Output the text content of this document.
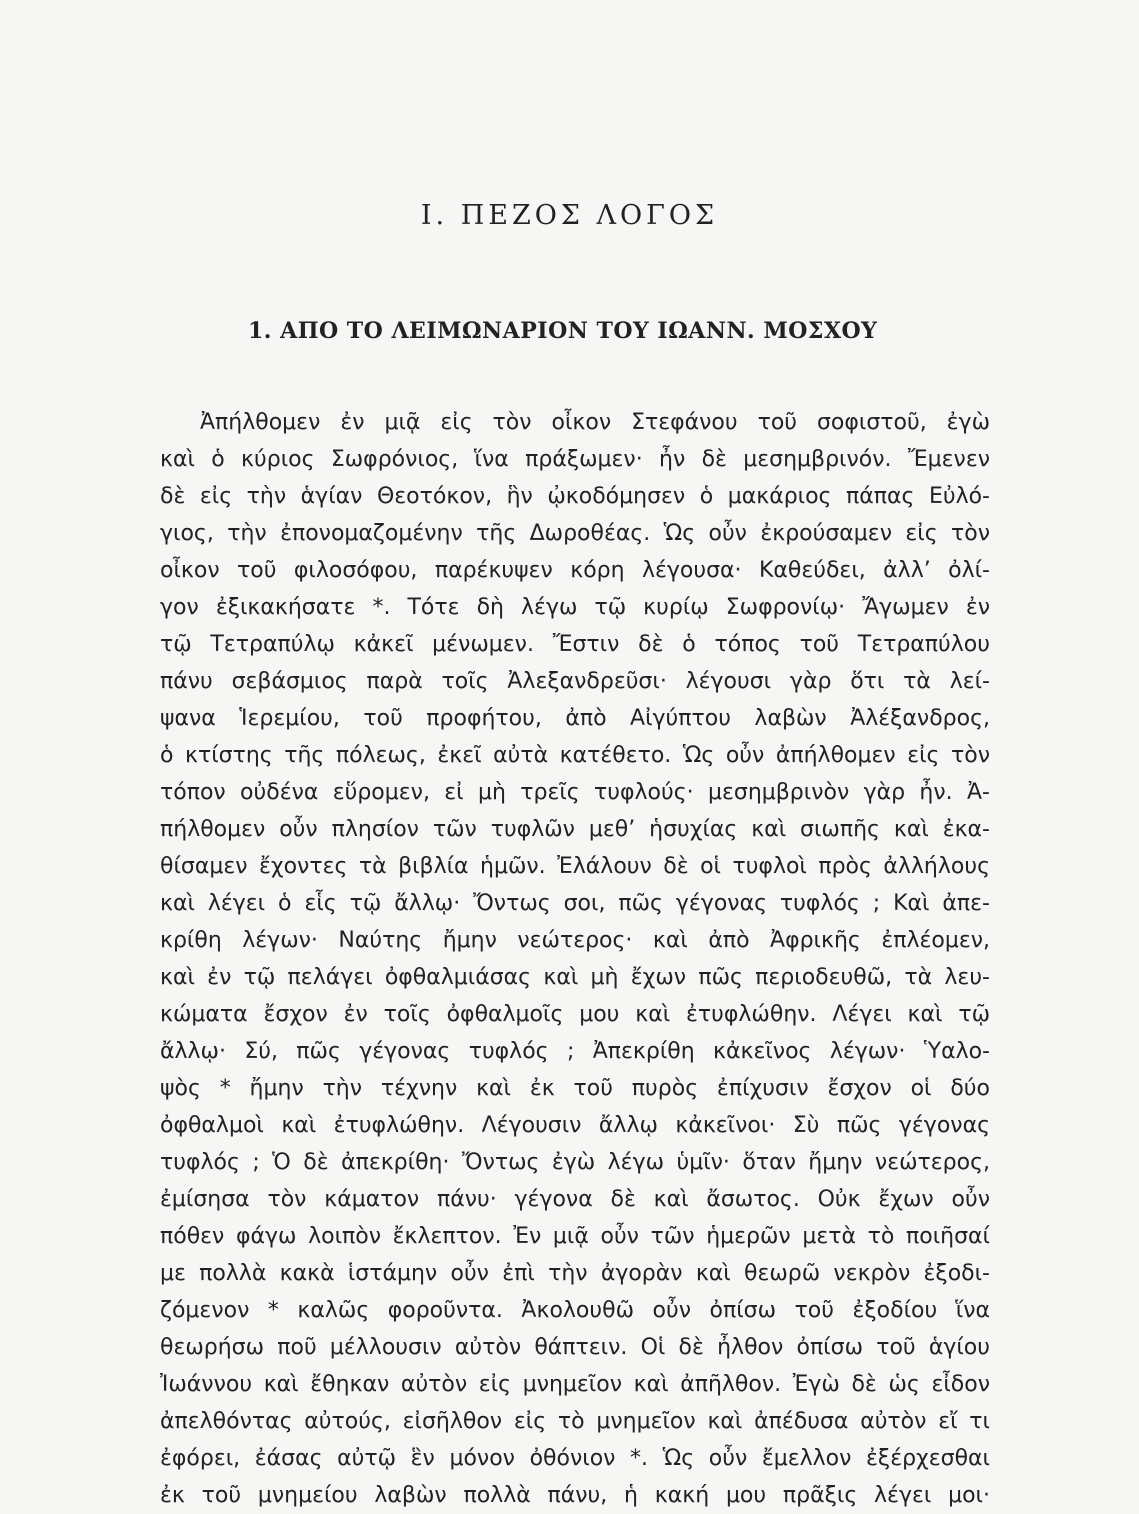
I. ΠΕΖΟΣ ΛΟΓΟΣ
1. ΑΠΟ ΤΟ ΛΕΙΜΩΝΑΡΙΟΝ ΤΟΥ ΙΩΑΝΝ. ΜΟΣΧΟΥ
Ἀπήλθομεν ἐν μιᾷ εἰς τὸν οἶκον Στεφάνου τοῦ σοφιστοῦ, ἐγὼ
καὶ ὁ κύριος Σωφρόνιος, ἵνα πράξωμεν· ἦν δὲ μεσημβρινόν. Ἔμενεν
δὲ εἰς τὴν ἁγίαν Θεοτόκον, ἣν ᾠκοδόμησεν ὁ μακάριος πάπας Εὐλό-
γιος, τὴν ἐπονομαζομένην τῆς Δωροθέας. Ὡς οὖν ἐκρούσαμεν εἰς τὸν
οἶκον τοῦ φιλοσόφου, παρέκυψεν κόρη λέγουσα· Καθεύδει, ἀλλ’ ὀλί-
γον ἐξικακήσατε *. Τότε δὴ λέγω τῷ κυρίῳ Σωφρονίῳ· Ἄγωμεν ἐν
τῷ Τετραπύλῳ κἀκεῖ μένωμεν. Ἔστιν δὲ ὁ τόπος τοῦ Τετραπύλου
πάνυ σεβάσμιος παρὰ τοῖς Ἀλεξανδρεῦσι· λέγουσι γὰρ ὅτι τὰ λεί-
ψανα Ἱερεμίου, τοῦ προφήτου, ἀπὸ Αἰγύπτου λαβὼν Ἀλέξανδρος,
ὁ κτίστης τῆς πόλεως, ἐκεῖ αὐτὰ κατέθετο. Ὡς οὖν ἀπήλθομεν εἰς τὸν
τόπον οὐδένα εὕρομεν, εἰ μὴ τρεῖς τυφλούς· μεσημβρινὸν γὰρ ἦν. Ἀ-
πήλθομεν οὖν πλησίον τῶν τυφλῶν μεθ’ ἡσυχίας καὶ σιωπῆς καὶ ἐκα-
θίσαμεν ἔχοντες τὰ βιβλία ἡμῶν. Ἐλάλουν δὲ οἱ τυφλοὶ πρὸς ἀλλήλους
καὶ λέγει ὁ εἷς τῷ ἄλλῳ· Ὄντως σοι, πῶς γέγονας τυφλός ; Καὶ ἀπε-
κρίθη λέγων· Ναύτης ἤμην νεώτερος· καὶ ἀπὸ Ἀφρικῆς ἐπλέομεν,
καὶ ἐν τῷ πελάγει ὀφθαλμιάσας καὶ μὴ ἔχων πῶς περιοδευθῶ, τὰ λευ-
κώματα ἔσχον ἐν τοῖς ὀφθαλμοῖς μου καὶ ἐτυφλώθην. Λέγει καὶ τῷ
ἄλλῳ· Σύ, πῶς γέγονας τυφλός ; Ἀπεκρίθη κἀκεῖνος λέγων· Ὑαλο-
ψὸς * ἤμην τὴν τέχνην καὶ ἐκ τοῦ πυρὸς ἐπίχυσιν ἔσχον οἱ δύο
ὀφθαλμοὶ καὶ ἐτυφλώθην. Λέγουσιν ἄλλῳ κἀκεῖνοι· Σὺ πῶς γέγονας
τυφλός ; Ὁ δὲ ἀπεκρίθη· Ὄντως ἐγὼ λέγω ὑμῖν· ὅταν ἤμην νεώτερος,
ἐμίσησα τὸν κάματον πάνυ· γέγονα δὲ καὶ ἄσωτος. Οὐκ ἔχων οὖν
πόθεν φάγω λοιπὸν ἔκλεπτον. Ἐν μιᾷ οὖν τῶν ἡμερῶν μετὰ τὸ ποιῆσαί
με πολλὰ κακὰ ἱστάμην οὖν ἐπὶ τὴν ἀγορὰν καὶ θεωρῶ νεκρὸν ἐξοδι-
ζόμενον * καλῶς φοροῦντα. Ἀκολουθῶ οὖν ὀπίσω τοῦ ἐξοδίου ἵνα
θεωρήσω ποῦ μέλλουσιν αὐτὸν θάπτειν. Οἱ δὲ ἦλθον ὀπίσω τοῦ ἁγίου
Ἰωάννου καὶ ἔθηκαν αὐτὸν εἰς μνημεῖον καὶ ἀπῆλθον. Ἐγὼ δὲ ὡς εἶδον
ἀπελθόντας αὐτούς, εἰσῆλθον εἰς τὸ μνημεῖον καὶ ἀπέδυσα αὐτὸν εἴ τι
ἐφόρει, ἐάσας αὐτῷ ἓν μόνον ὀθόνιον *. Ὡς οὖν ἔμελλον ἐξέρχεσθαι
ἐκ τοῦ μνημείου λαβὼν πολλὰ πάνυ, ἡ κακή μου πρᾶξις λέγει μοι·
